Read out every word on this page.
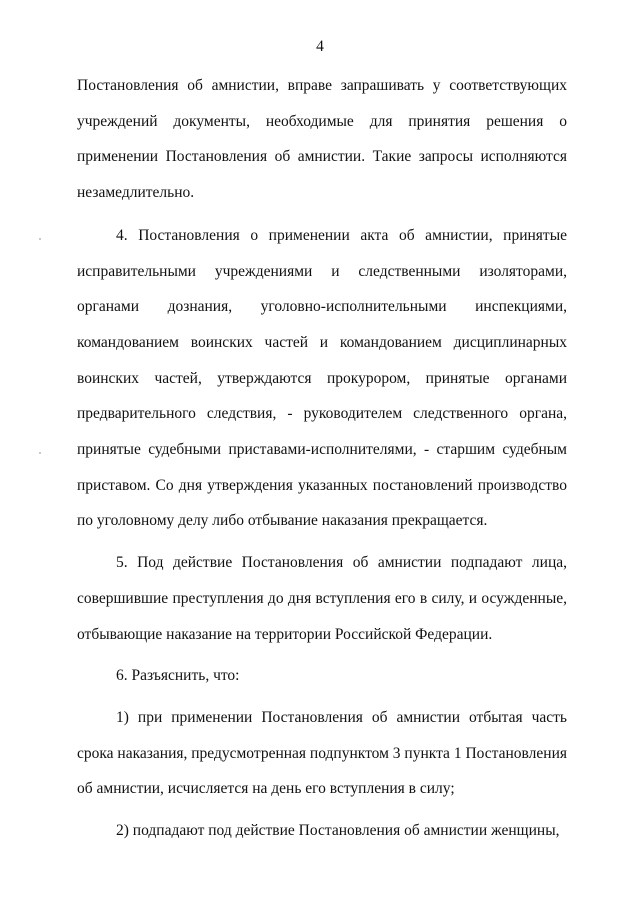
4

Постановления об амнистии, вправе запрашивать у соответствующих учреждений документы, необходимые для принятия решения о применении Постановления об амнистии. Такие запросы исполняются незамедлительно.

4. Постановления о применении акта об амнистии, принятые исправительными учреждениями и следственными изоляторами, органами дознания, уголовно-исполнительными инспекциями, командованием воинских частей и командованием дисциплинарных воинских частей, утверждаются прокурором, принятые органами предварительного следствия, - руководителем следственного органа, принятые судебными приставами-исполнителями, - старшим судебным приставом. Со дня утверждения указанных постановлений производство по уголовному делу либо отбывание наказания прекращается.

5. Под действие Постановления об амнистии подпадают лица, совершившие преступления до дня вступления его в силу, и осужденные, отбывающие наказание на территории Российской Федерации.

6. Разъяснить, что:

1) при применении Постановления об амнистии отбытая часть срока наказания, предусмотренная подпунктом 3 пункта 1 Постановления об амнистии, исчисляется на день его вступления в силу;

2) подпадают под действие Постановления об амнистии женщины,
